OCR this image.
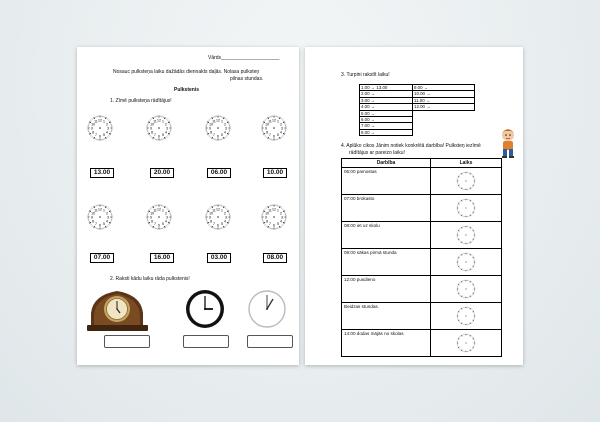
Vārds_____________________
Nosauc pulksteņa laiku dažādās diennakts daļās. Nolasa pulksteņ
pilnas stundas.
Pulkstenis
1. Zīmē pulksteņa rādītājus!
1
2
3
4
5
6
7
8
9
10
11 12	1
2
3
4
5
6
7
8
9
10
11 12	1
2
3
4
5
6
7
8
9
10
11 12	1
2
3
4
5
6
7
8
9
10
11 12
13.00	20.00	06.00	10.00
1
2
3
4
5
6
7
8
9
10
11 12	1
2
3
4
5
6
7
8
9
10
11 12	1
2
3
4
5
6
7
8
9
10
11 12	1
2
3
4
5
6
7
8
9
10
11 12
07.00	16.00	03.00	08.00
2. Raksti kādu laiku rāda pulkstenis!
3. Turpini rakstīt laiku!
1.00 → 13.00	9.00 →
2.00 →	10.00 →
3.00 →	11.00 →
4.00 →	12.00 →
5.00 →	
6.00 →	
7.00 →	
8.00 →	
4. Aplūko cikos Jānim notiek konkrētā darbība! Pulksteņ iezīmē
rādītājus ar pareizo laiku!
Darbība	Laiks
06:00 pamostas	
07:00 brokasto	
08:00 iet uz skolu	
09:00 sākas pirmā stunda	
12:00 pusdieno	
Beidzas stundas.	
14:00 dodas mājās no skolas	
